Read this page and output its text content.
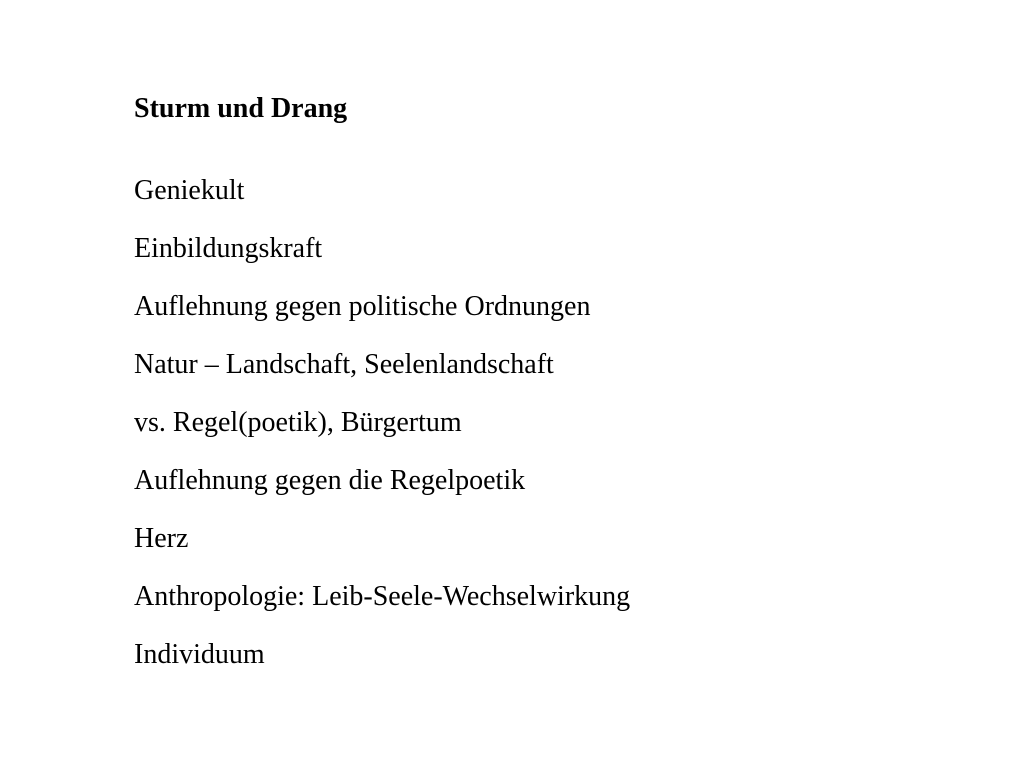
Sturm und Drang
Geniekult
Einbildungskraft
Auflehnung gegen politische Ordnungen
Natur – Landschaft, Seelenlandschaft
vs. Regel(poetik), Bürgertum
Auflehnung gegen die Regelpoetik
Herz
Anthropologie: Leib-Seele-Wechselwirkung
Individuum
